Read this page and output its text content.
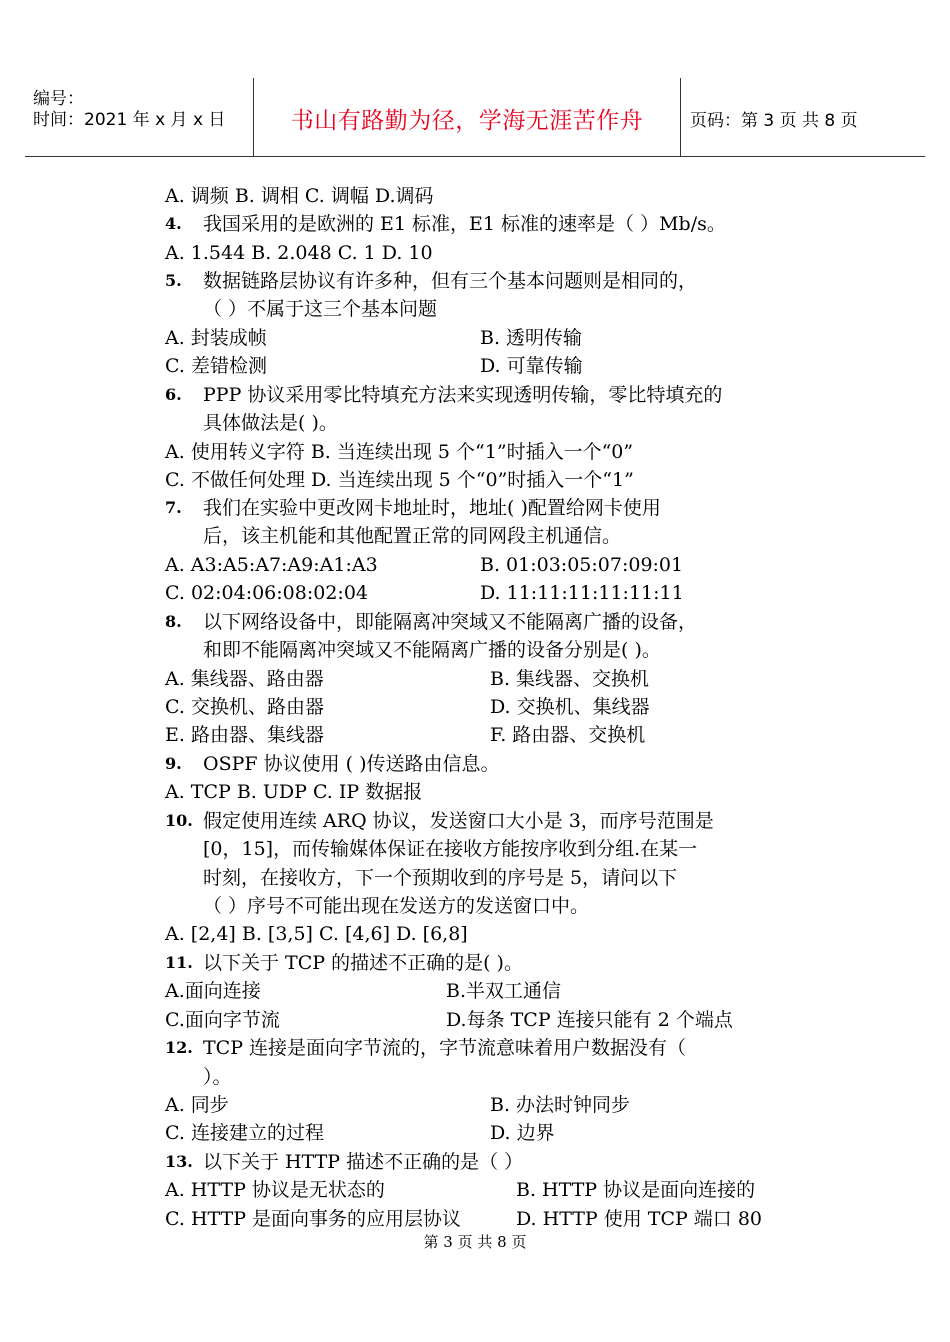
编号：
时间：2021 年 x 月 x 日	书山有路勤为径，学海无涯苦作舟	页码：第 3 页 共 8 页
A. 调频 B. 调相 C. 调幅 D.调码
4. 我国采用的是欧洲的 E1 标准，E1 标准的速率是（ ）Mb/s。
A. 1.544 B. 2.048 C. 1 D. 10
5. 数据链路层协议有许多种，但有三个基本问题则是相同的，
（ ）不属于这三个基本问题
A. 封装成帧	B. 透明传输
C. 差错检测	D. 可靠传输
6. PPP 协议采用零比特填充方法来实现透明传输，零比特填充的
具体做法是( )。
A. 使用转义字符 B. 当连续出现 5 个“1”时插入一个“0”
C. 不做任何处理 D. 当连续出现 5 个“0”时插入一个“1”
7. 我们在实验中更改网卡地址时，地址( )配置给网卡使用
后，该主机能和其他配置正常的同网段主机通信。
A. A3:A5:A7:A9:A1:A3	B. 01:03:05:07:09:01
C. 02:04:06:08:02:04	D. 11:11:11:11:11:11
8. 以下网络设备中，即能隔离冲突域又不能隔离广播的设备，
和即不能隔离冲突域又不能隔离广播的设备分别是( )。
A. 集线器、路由器	B. 集线器、交换机
C. 交换机、路由器	D. 交换机、集线器
E. 路由器、集线器	F. 路由器、交换机
9. OSPF 协议使用 ( )传送路由信息。
A. TCP B. UDP C. IP 数据报
10. 假定使用连续 ARQ 协议，发送窗口大小是 3，而序号范围是
[0，15]，而传输媒体保证在接收方能按序收到分组.在某一
时刻，在接收方，下一个预期收到的序号是 5，请问以下
（ ）序号不可能出现在发送方的发送窗口中。
A. [2,4] B. [3,5] C. [4,6] D. [6,8]
11. 以下关于 TCP 的描述不正确的是( )。
A.面向连接	B.半双工通信
C.面向字节流	D.每条 TCP 连接只能有 2 个端点
12. TCP 连接是面向字节流的，字节流意味着用户数据没有（
）。
A. 同步	B. 办法时钟同步
C. 连接建立的过程	D. 边界
13. 以下关于 HTTP 描述不正确的是（ ）
A. HTTP 协议是无状态的	B. HTTP 协议是面向连接的
C. HTTP 是面向事务的应用层协议	D. HTTP 使用 TCP 端口 80
第 3 页 共 8 页
